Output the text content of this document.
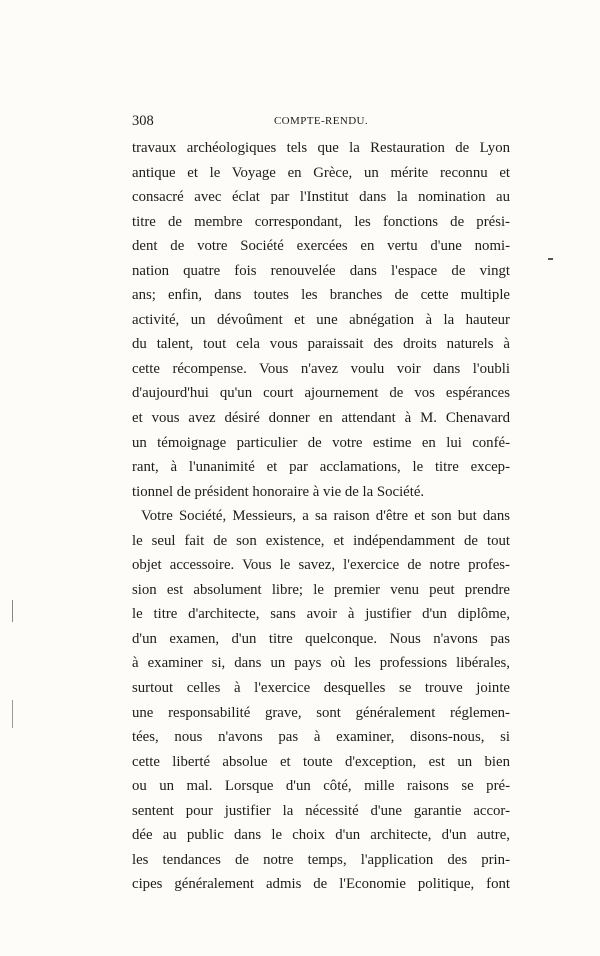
308	COMPTE-RENDU.
travaux archéologiques tels que la Restauration de Lyon
antique et le Voyage en Grèce, un mérite reconnu et
consacré avec éclat par l'Institut dans la nomination au
titre de membre correspondant, les fonctions de prési-
dent de votre Société exercées en vertu d'une nomi-
nation quatre fois renouvelée dans l'espace de vingt
ans; enfin, dans toutes les branches de cette multiple
activité, un dévoûment et une abnégation à la hauteur
du talent, tout cela vous paraissait des droits naturels à
cette récompense. Vous n'avez voulu voir dans l'oubli
d'aujourd'hui qu'un court ajournement de vos espérances
et vous avez désiré donner en attendant à M. Chenavard
un témoignage particulier de votre estime en lui confé-
rant, à l'unanimité et par acclamations, le titre excep-
tionnel de président honoraire à vie de la Société.
Votre Société, Messieurs, a sa raison d'être et son but dans
le seul fait de son existence, et indépendamment de tout
objet accessoire. Vous le savez, l'exercice de notre profes-
sion est absolument libre; le premier venu peut prendre
le titre d'architecte, sans avoir à justifier d'un diplôme,
d'un examen, d'un titre quelconque. Nous n'avons pas
à examiner si, dans un pays où les professions libérales,
surtout celles à l'exercice desquelles se trouve jointe
une responsabilité grave, sont généralement réglemen-
tées, nous n'avons pas à examiner, disons-nous, si
cette liberté absolue et toute d'exception, est un bien
ou un mal. Lorsque d'un côté, mille raisons se pré-
sentent pour justifier la nécessité d'une garantie accor-
dée au public dans le choix d'un architecte, d'un autre,
les tendances de notre temps, l'application des prin-
cipes généralement admis de l'Economie politique, font
